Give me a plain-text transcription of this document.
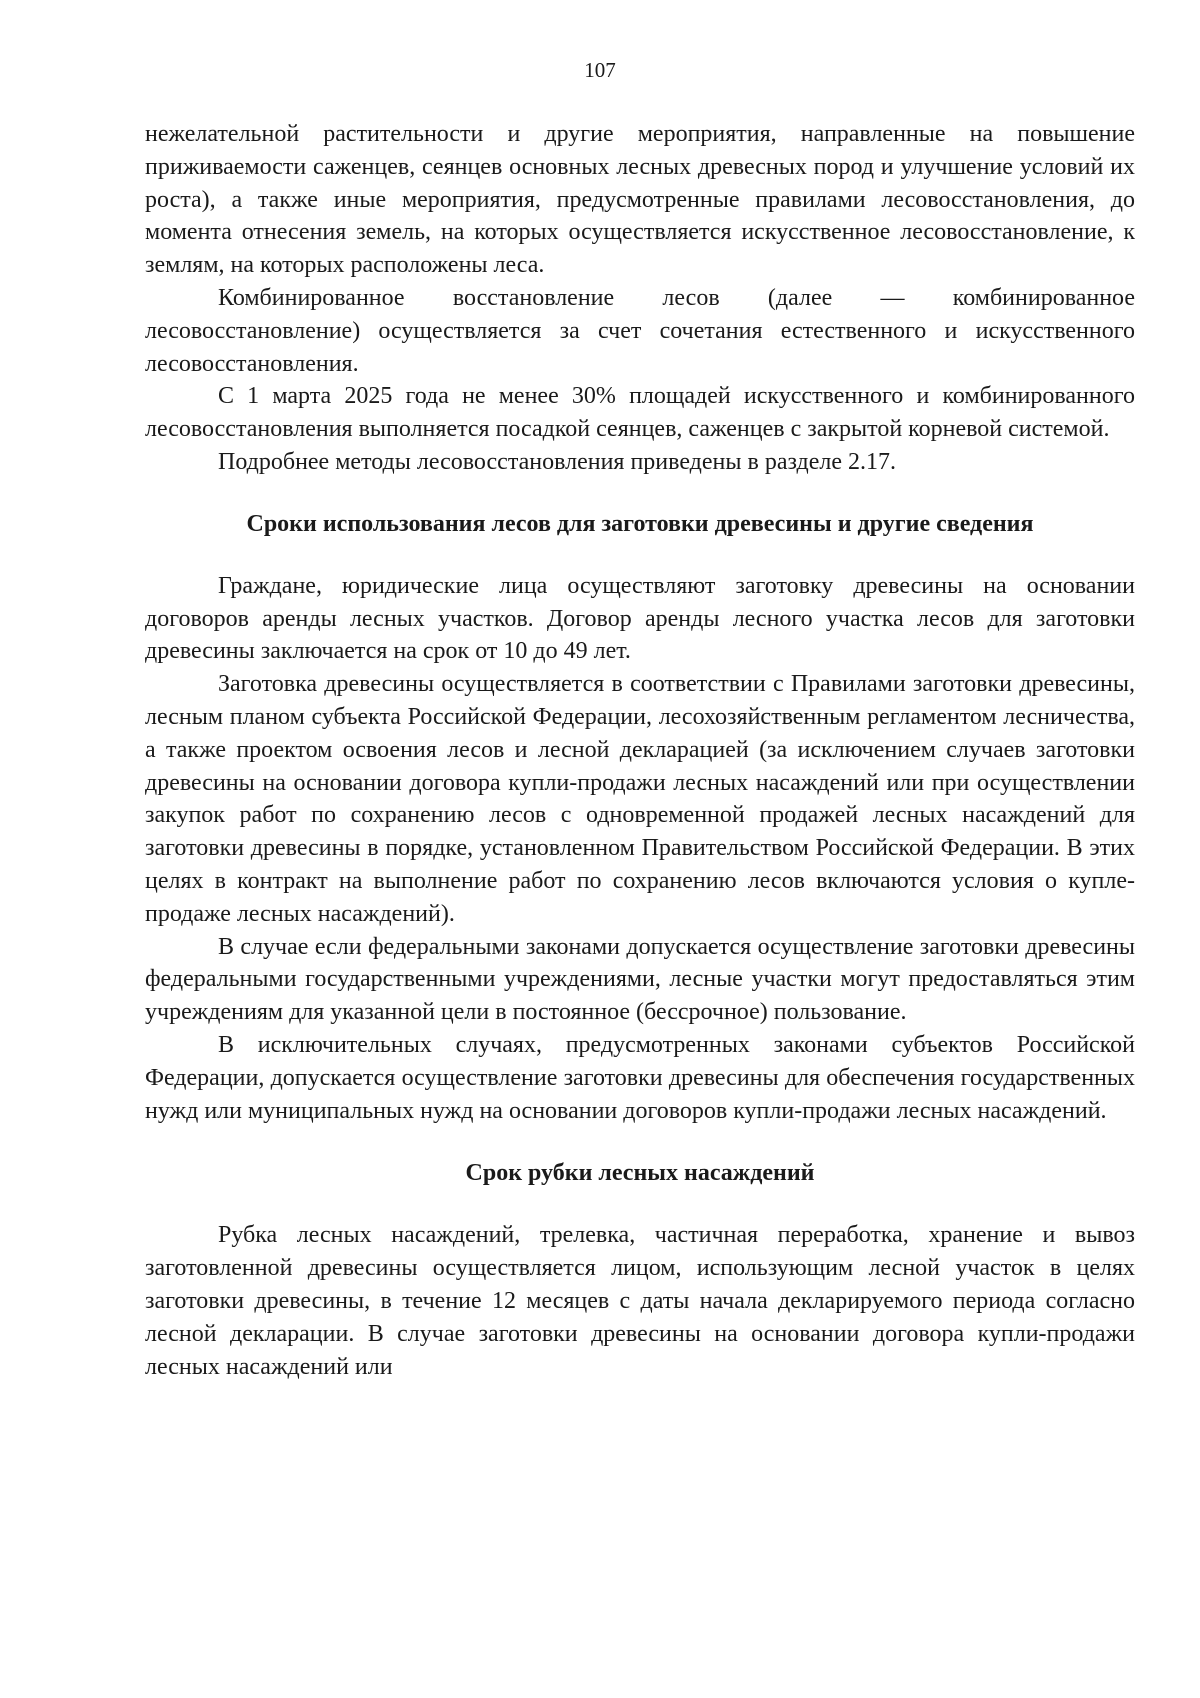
107

нежелательной растительности и другие мероприятия, направленные на повышение приживаемости саженцев, сеянцев основных лесных древесных пород и улучшение условий их роста), а также иные мероприятия, предусмотренные правилами лесовосстановления, до момента отнесения земель, на которых осуществляется искусственное лесовосстановление, к землям, на которых расположены леса.

Комбинированное восстановление лесов (далее — комбинированное лесовосстановление) осуществляется за счет сочетания естественного и искусственного лесовосстановления.

С 1 марта 2025 года не менее 30% площадей искусственного и комбинированного лесовосстановления выполняется посадкой сеянцев, саженцев с закрытой корневой системой.

Подробнее методы лесовосстановления приведены в разделе 2.17.

Сроки использования лесов для заготовки древесины и другие сведения

Граждане, юридические лица осуществляют заготовку древесины на основании договоров аренды лесных участков. Договор аренды лесного участка лесов для заготовки древесины заключается на срок от 10 до 49 лет.

Заготовка древесины осуществляется в соответствии с Правилами заготовки древесины, лесным планом субъекта Российской Федерации, лесохозяйственным регламентом лесничества, а также проектом освоения лесов и лесной декларацией (за исключением случаев заготовки древесины на основании договора купли-продажи лесных насаждений или при осуществлении закупок работ по сохранению лесов с одновременной продажей лесных насаждений для заготовки древесины в порядке, установленном Правительством Российской Федерации. В этих целях в контракт на выполнение работ по сохранению лесов включаются условия о купле-продаже лесных насаждений).

В случае если федеральными законами допускается осуществление заготовки древесины федеральными государственными учреждениями, лесные участки могут предоставляться этим учреждениям для указанной цели в постоянное (бессрочное) пользование.

В исключительных случаях, предусмотренных законами субъектов Российской Федерации, допускается осуществление заготовки древесины для обеспечения государственных нужд или муниципальных нужд на основании договоров купли-продажи лесных насаждений.

Срок рубки лесных насаждений

Рубка лесных насаждений, трелевка, частичная переработка, хранение и вывоз заготовленной древесины осуществляется лицом, использующим лесной участок в целях заготовки древесины, в течение 12 месяцев с даты начала декларируемого периода согласно лесной декларации. В случае заготовки древесины на основании договора купли-продажи лесных насаждений или
